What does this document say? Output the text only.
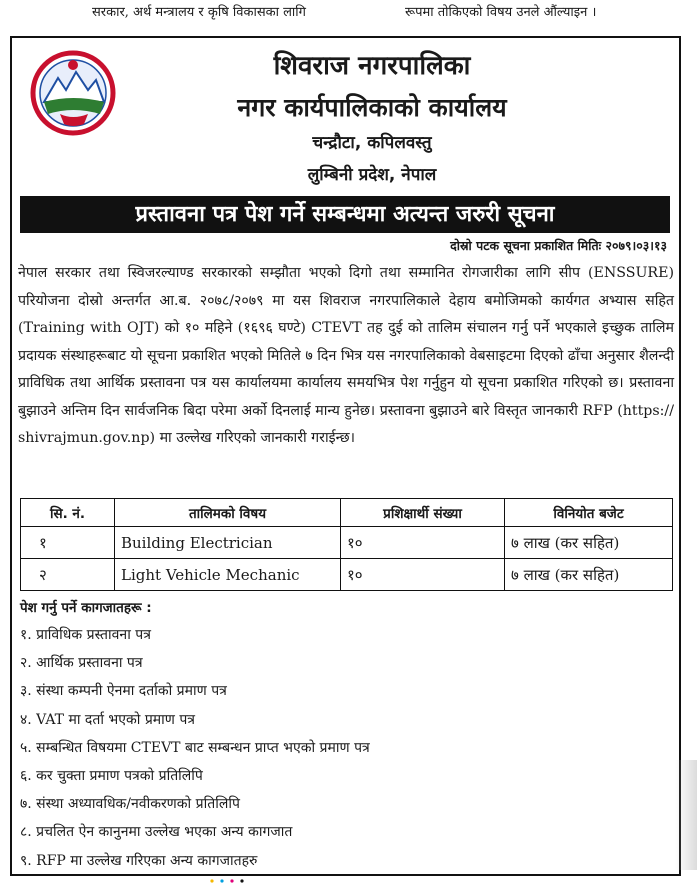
सरकार, अर्थ मन्त्रालय र कृषि विकासका लागि	रूपमा तोकिएको विषय उनले औंल्याइन ।
शिवराज नगरपालिका
नगर कार्यपालिकाको कार्यालय
चन्द्रौटा, कपिलवस्तु
लुम्बिनी प्रदेश, नेपाल
प्रस्तावना पत्र पेश गर्ने सम्बन्धमा अत्यन्त जरुरी सूचना
दोस्रो पटक सूचना प्रकाशित मितिः २०७९।०३।१३
नेपाल सरकार तथा स्विजरल्याण्ड सरकारको सम्झौता भएको दिगो तथा सम्मानित रोगजारीका लागि सीप (ENSSURE) परियोजना दोस्रो अन्तर्गत आ.ब. २०७८/२०७९ मा यस शिवराज नगरपालिकाले देहाय बमोजिमको कार्यगत अभ्यास सहित (Training with OJT) को १० महिने (१६९६ घण्टे) CTEVT तह दुई को तालिम संचालन गर्नु पर्ने भएकाले इच्छुक तालिम प्रदायक संस्थाहरूबाट यो सूचना प्रकाशित भएको मितिले ७ दिन भित्र यस नगरपालिकाको वेबसाइटमा दिएको ढाँचा अनुसार शैलन्दी प्राविधिक तथा आर्थिक प्रस्तावना पत्र यस कार्यालयमा कार्यालय समयभित्र पेश गर्नुहुन यो सूचना प्रकाशित गरिएको छ। प्रस्तावना बुझाउने अन्तिम दिन सार्वजनिक बिदा परेमा अर्को दिनलाई मान्य हुनेछ। प्रस्तावना बुझाउने बारे विस्तृत जानकारी RFP (https:// shivrajmun.gov.np) मा उल्लेख गरिएको जानकारी गराईन्छ।
सि. नं.	तालिमको विषय	प्रशिक्षार्थी संख्या	विनियोत बजेट
१	Building Electrician	१०	७ लाख (कर सहित)
२	Light Vehicle Mechanic	१०	७ लाख (कर सहित)
पेश गर्नु पर्ने कागजातहरू :
१. प्राविधिक प्रस्तावना पत्र
२. आर्थिक प्रस्तावना पत्र
३. संस्था कम्पनी ऐनमा दर्ताको प्रमाण पत्र
४. VAT मा दर्ता भएको प्रमाण पत्र
५. सम्बन्धित विषयमा CTEVT बाट सम्बन्धन प्राप्त भएको प्रमाण पत्र
६. कर चुक्ता प्रमाण पत्रको प्रतिलिपि
७. संस्था अध्यावधिक/नवीकरणको प्रतिलिपि
८. प्रचलित ऐन कानुनमा उल्लेख भएका अन्य कागजात
९. RFP मा उल्लेख गरिएका अन्य कागजातहरु
